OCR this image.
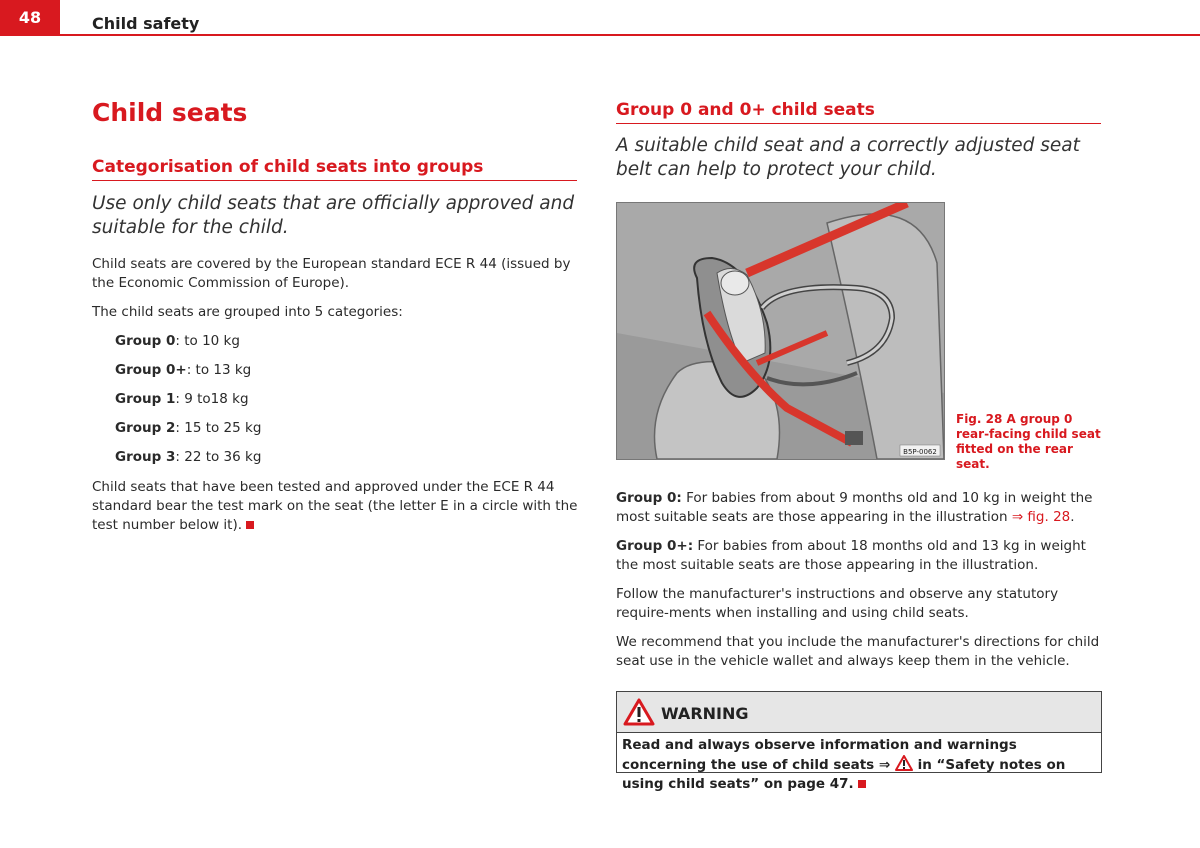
48	Child safety
Child seats
Categorisation of child seats into groups
Use only child seats that are officially approved and suitable for the child.

Child seats are covered by the European standard ECE R 44 (issued by the Economic Commission of Europe).

The child seats are grouped into 5 categories:

Group 0: to 10 kg

Group 0+: to 13 kg

Group 1: 9 to18 kg

Group 2: 15 to 25 kg

Group 3: 22 to 36 kg

Child seats that have been tested and approved under the ECE R 44 standard bear the test mark on the seat (the letter E in a circle with the test number below it).

Group 0 and 0+ child seats
A suitable child seat and a correctly adjusted seat belt can help to protect your child.
B5P-0062
Fig. 28 A group 0 rear-facing child seat fitted on the rear seat.

Group 0: For babies from about 9 months old and 10 kg in weight the most suitable seats are those appearing in the illustration ⇒ fig. 28.

Group 0+: For babies from about 18 months old and 13 kg in weight the most suitable seats are those appearing in the illustration.

Follow the manufacturer's instructions and observe any statutory require-ments when installing and using child seats.

We recommend that you include the manufacturer's directions for child seat use in the vehicle wallet and always keep them in the vehicle.

WARNING
Read and always observe information and warnings concerning the use of child seats ⇒  in “Safety notes on using child seats” on page 47.
